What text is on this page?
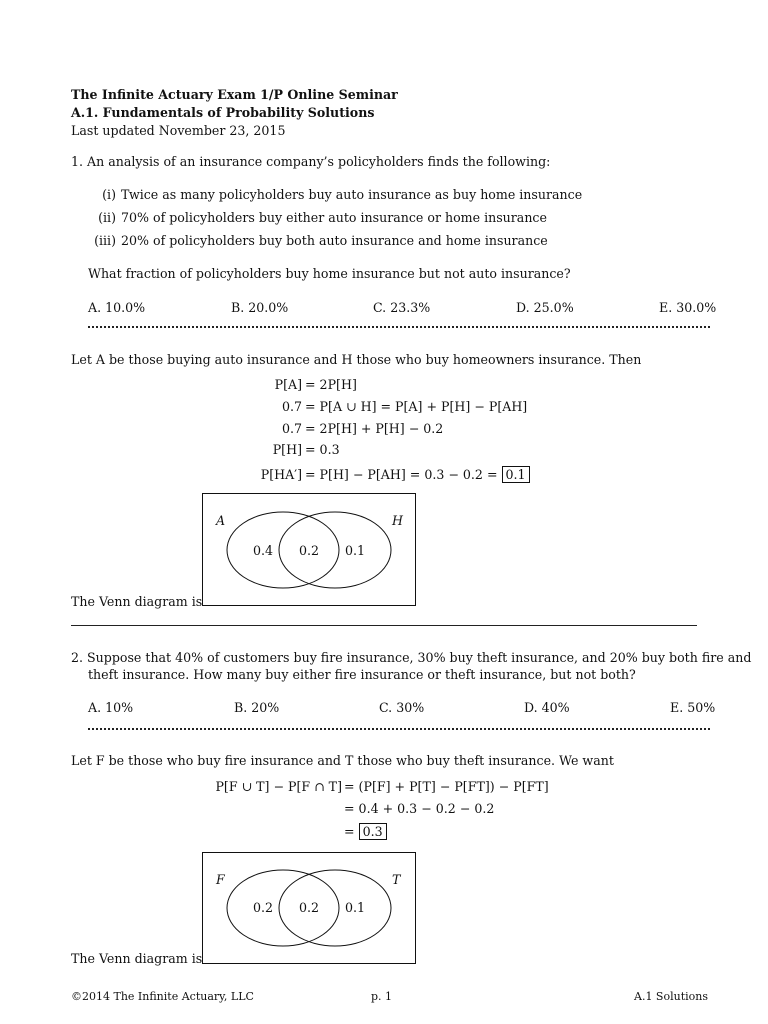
The Infinite Actuary Exam 1/P Online Seminar
A.1. Fundamentals of Probability Solutions
Last updated November 23, 2015
1. An analysis of an insurance company’s policyholders finds the following:
(i) Twice as many policyholders buy auto insurance as buy home insurance
(ii) 70% of policyholders buy either auto insurance or home insurance
(iii) 20% of policyholders buy both auto insurance and home insurance
What fraction of policyholders buy home insurance but not auto insurance?
A. 10.0%	B. 20.0%	C. 23.3%	D. 25.0%	E. 30.0%
Let A be those buying auto insurance and H those who buy homeowners insurance. Then
P[A] = 2P[H]
0.7 = P[A ∪ H] = P[A] + P[H] − P[AH]
0.7 = 2P[H] + P[H] − 0.2
P[H] = 0.3
P[HA′] = P[H] − P[AH] = 0.3 − 0.2 = 0.1
The Venn diagram is
A	H
0.4 0.2 0.1
2. Suppose that 40% of customers buy fire insurance, 30% buy theft insurance, and 20% buy both fire and
theft insurance. How many buy either fire insurance or theft insurance, but not both?
A. 10%	B. 20%	C. 30%	D. 40%	E. 50%
Let F be those who buy fire insurance and T those who buy theft insurance. We want
P[F ∪ T] − P[F ∩ T] = (P[F] + P[T] − P[FT]) − P[FT]
= 0.4 + 0.3 − 0.2 − 0.2
= 0.3
The Venn diagram is
F	T
0.2 0.2 0.1
©2014 The Infinite Actuary, LLC	p. 1	A.1 Solutions
